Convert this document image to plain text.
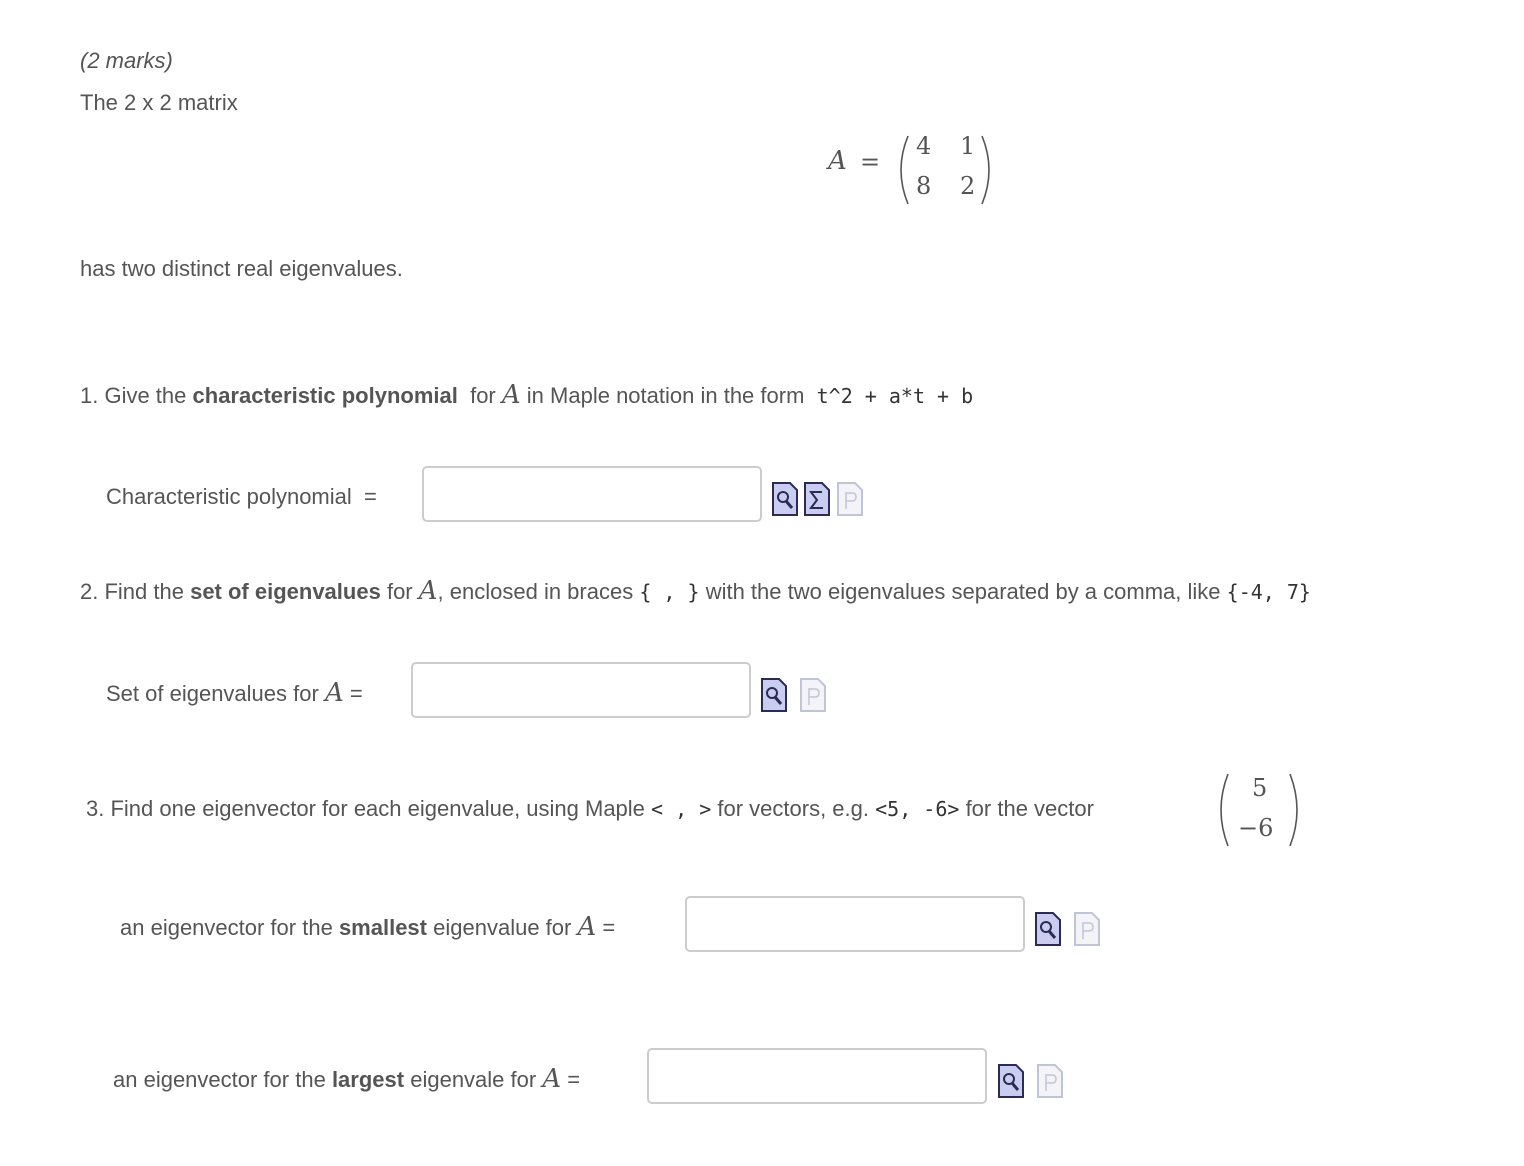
(2 marks)
The 2 x 2 matrix
A =
4 1
8 2
has two distinct real eigenvalues.
1. Give the characteristic polynomial for A in Maple notation in the form t^2 + a*t + b
Characteristic polynomial =
2. Find the set of eigenvalues for A, enclosed in braces { , } with the two eigenvalues separated by a comma, like {-4, 7}
Set of eigenvalues for A =
3. Find one eigenvector for each eigenvalue, using Maple < , > for vectors, e.g. <5, -6> for the vector
5
−6
an eigenvector for the smallest eigenvalue for A =
an eigenvector for the largest eigenvale for A =
